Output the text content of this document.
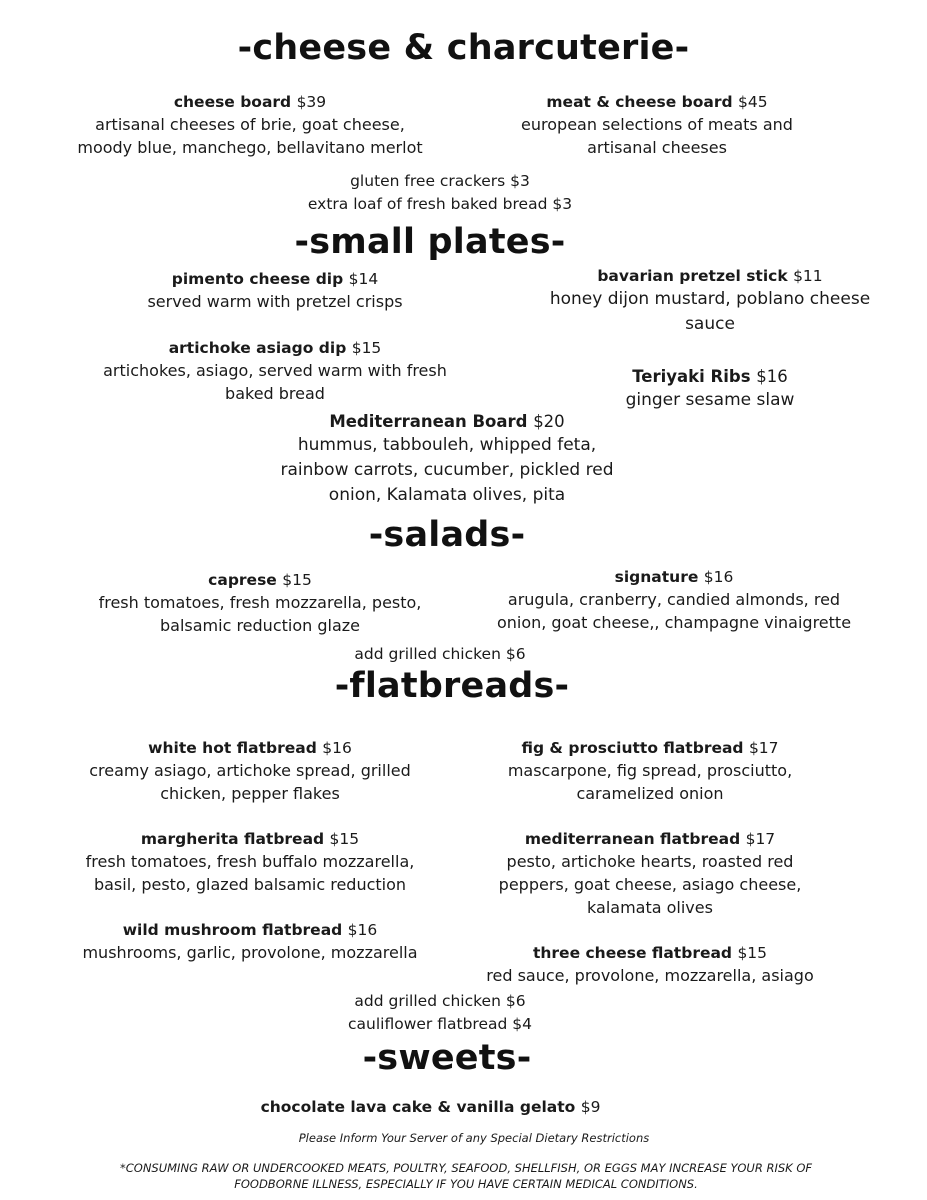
-cheese & charcuterie-
cheese board $39
artisanal cheeses of brie, goat cheese,
moody blue, manchego, bellavitano merlot
meat & cheese board $45
european selections of meats and
artisanal cheeses
gluten free crackers $3
extra loaf of fresh baked bread $3
-small plates-
pimento cheese dip $14
served warm with pretzel crisps
bavarian pretzel stick $11
honey dijon mustard, poblano cheese
sauce
artichoke asiago dip $15
artichokes, asiago, served warm with fresh
baked bread
Teriyaki Ribs $16
ginger sesame slaw
Mediterranean Board $20
hummus, tabbouleh, whipped feta,
rainbow carrots, cucumber, pickled red
onion, Kalamata olives, pita
-salads-
caprese $15
fresh tomatoes, fresh mozzarella, pesto,
balsamic reduction glaze
signature $16
arugula, cranberry, candied almonds, red
onion, goat cheese,, champagne vinaigrette
add grilled chicken $6
-flatbreads-
white hot flatbread $16
creamy asiago, artichoke spread, grilled
chicken, pepper flakes
fig & prosciutto flatbread $17
mascarpone, fig spread, prosciutto,
caramelized onion
margherita flatbread $15
fresh tomatoes, fresh buffalo mozzarella,
basil, pesto, glazed balsamic reduction
mediterranean flatbread $17
pesto, artichoke hearts, roasted red
peppers, goat cheese, asiago cheese,
kalamata olives
wild mushroom flatbread $16
mushrooms, garlic, provolone, mozzarella	three cheese flatbread $15
red sauce, provolone, mozzarella, asiago
add grilled chicken $6
cauliflower flatbread $4
-sweets-
chocolate lava cake & vanilla gelato $9
Please Inform Your Server of any Special Dietary Restrictions
*CONSUMING RAW OR UNDERCOOKED MEATS, POULTRY, SEAFOOD, SHELLFISH, OR EGGS MAY INCREASE YOUR RISK OF
FOODBORNE ILLNESS, ESPECIALLY IF YOU HAVE CERTAIN MEDICAL CONDITIONS.
